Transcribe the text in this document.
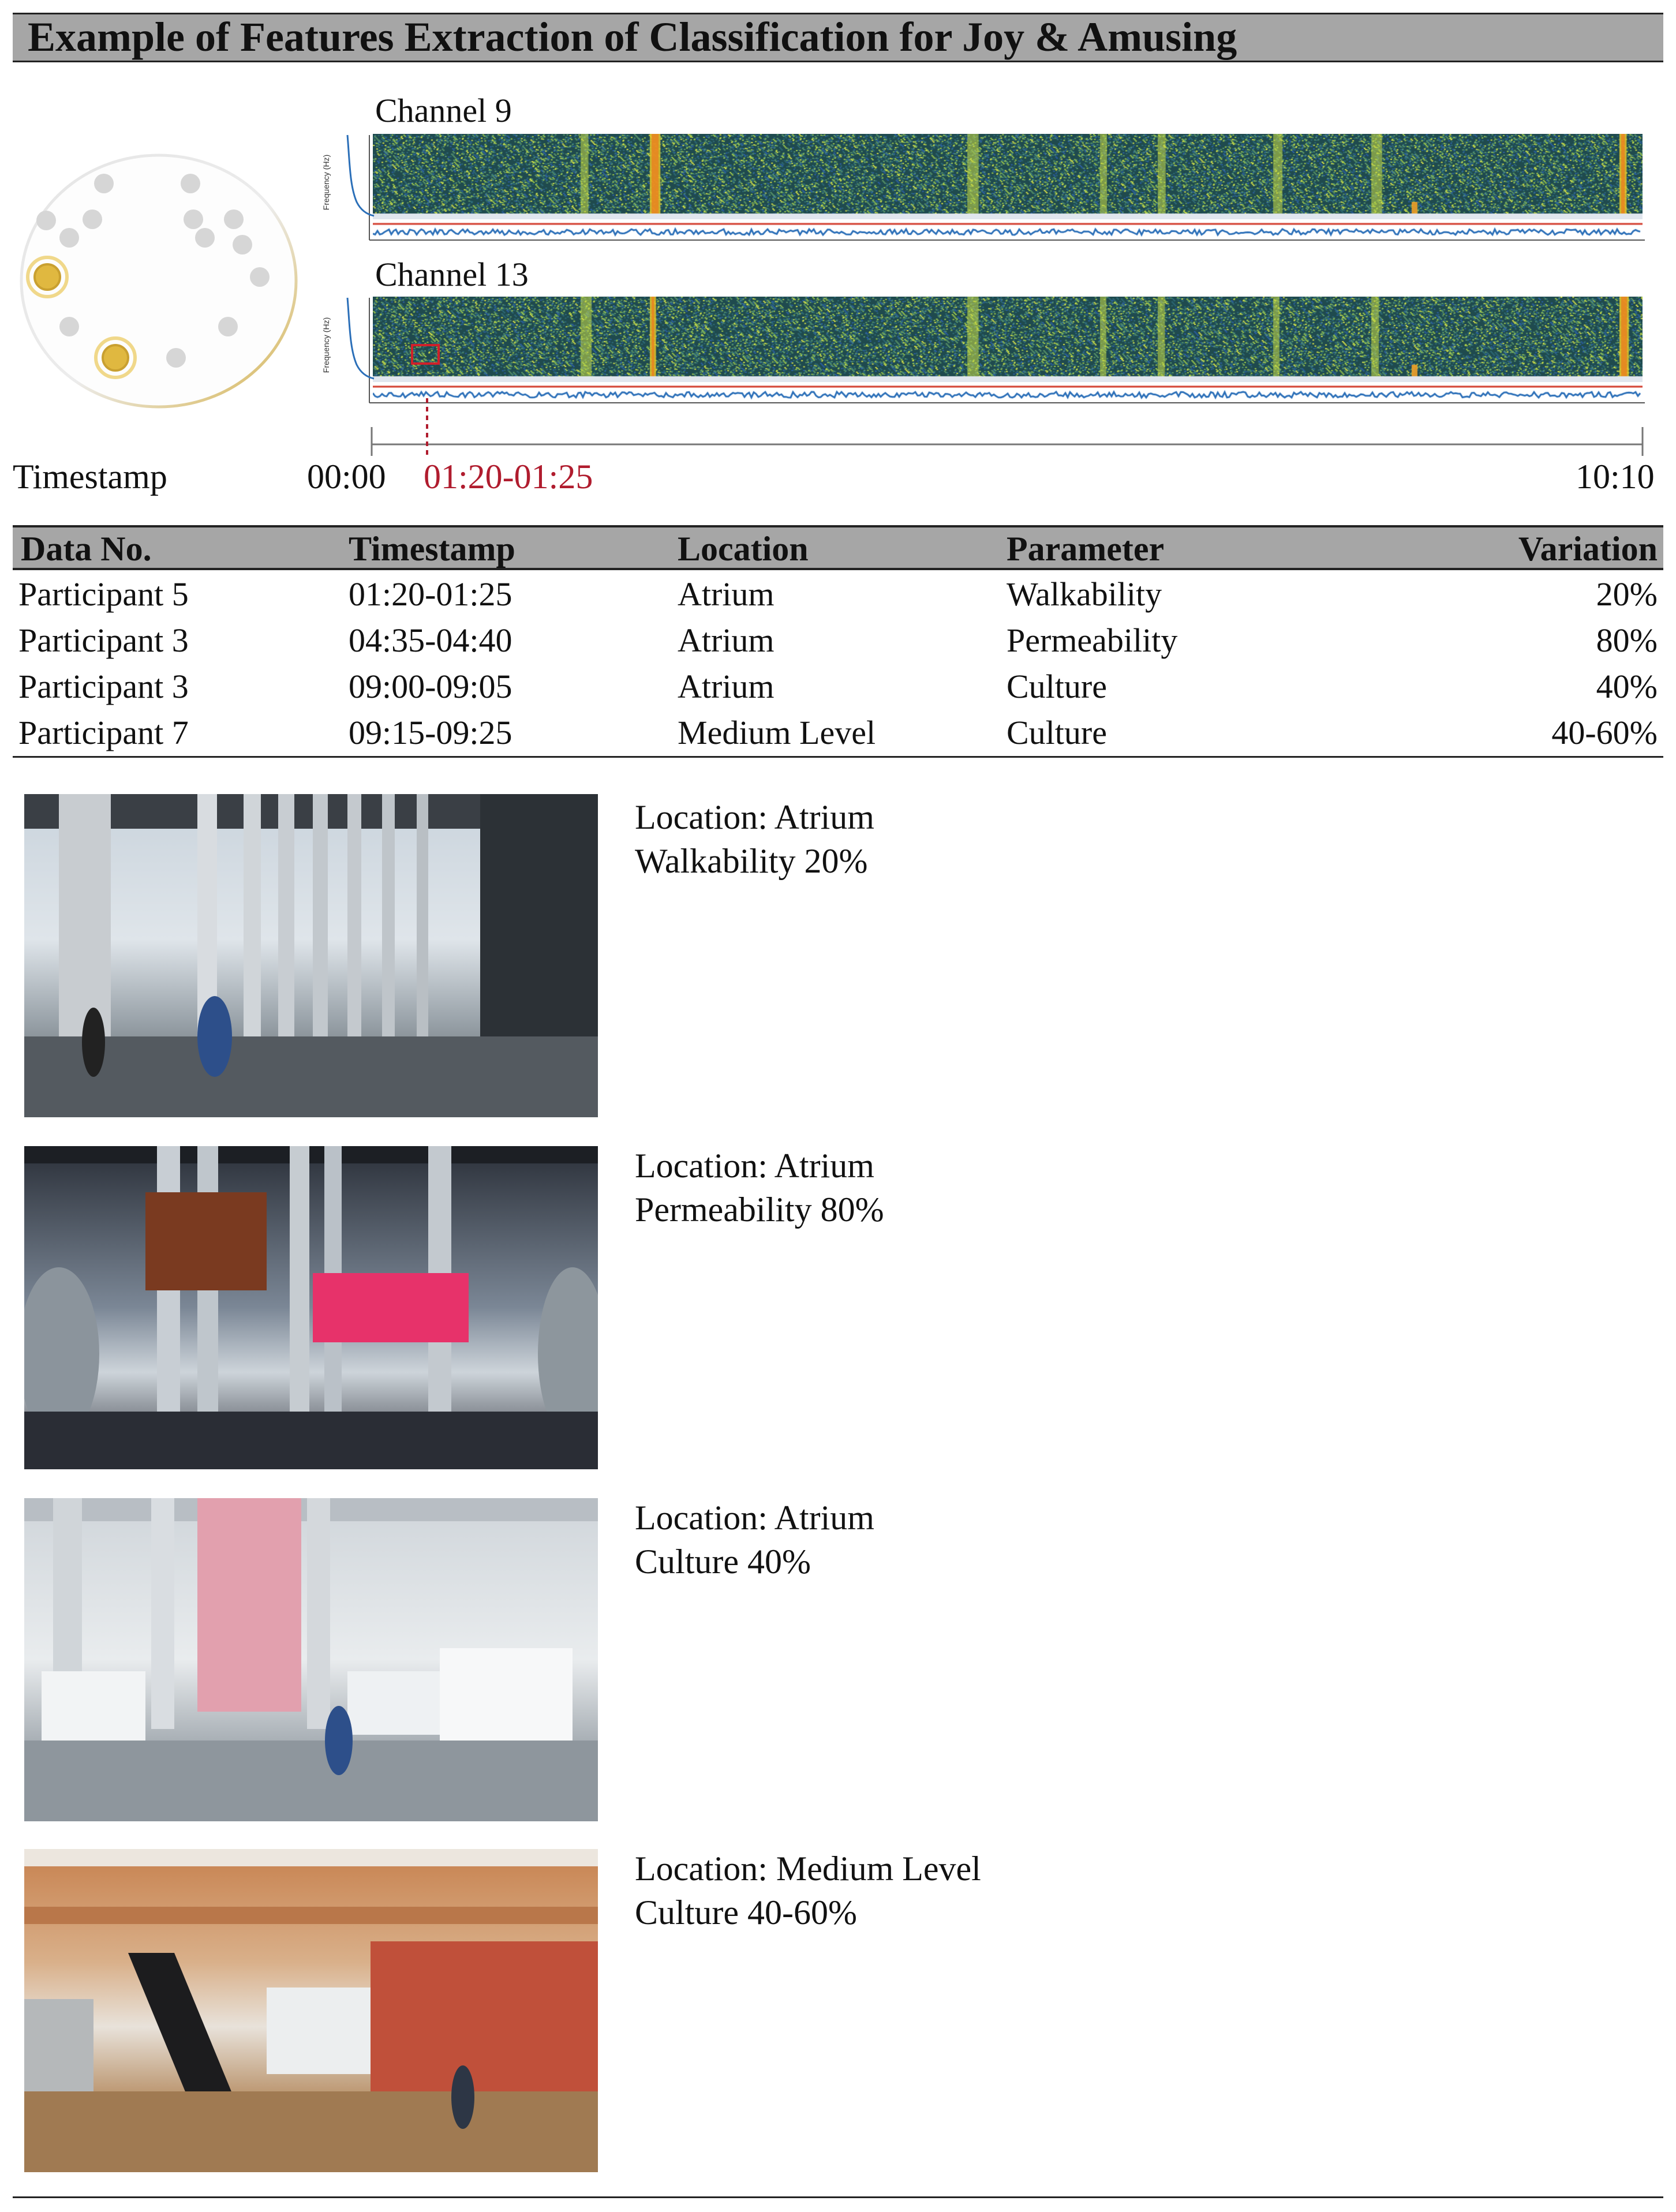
Example of Features Extraction of Classification for Joy & Amusing
Channel 9
Channel 13
Frequency (Hz)
Frequency (Hz)
Timestamp	00:00 01:20-01:25	10:10
Data No.	Timestamp	Location	Parameter	Variation
Participant 5	01:20-01:25	Atrium	Walkability	20%
Participant 3	04:35-04:40	Atrium	Permeability	80%
Participant 3	09:00-09:05	Atrium	Culture	40%
Participant 7	09:15-09:25	Medium Level	Culture	40-60%
Location: Atrium
Walkability 20%
Location: Atrium
Permeability 80%
Location: Atrium
Culture 40%
Location: Medium Level
Culture 40-60%
